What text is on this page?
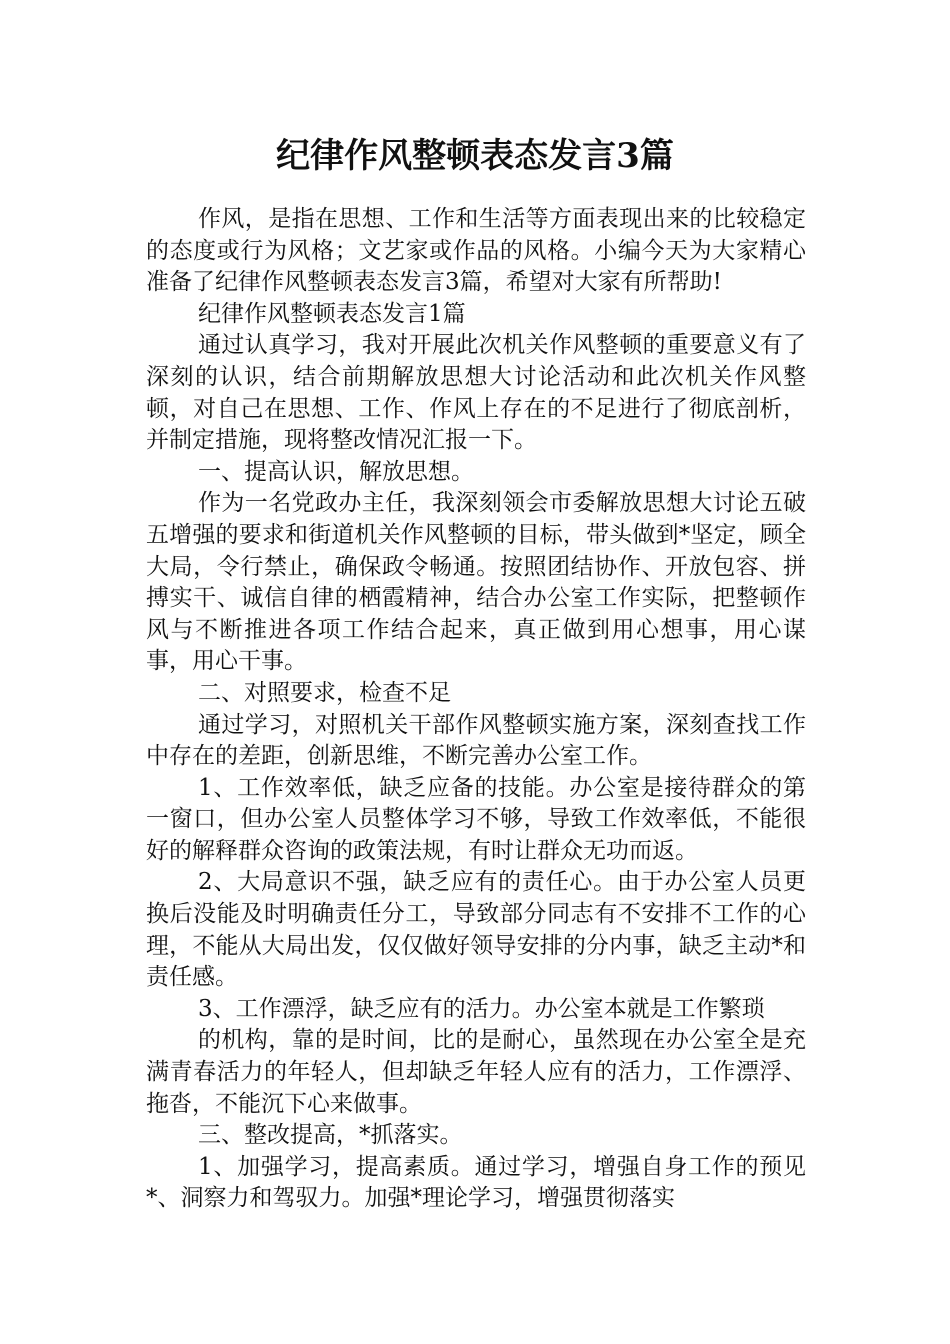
纪律作风整顿表态发言3篇

作风，是指在思想、工作和生活等方面表现出来的比较稳定的态度或行为风格；文艺家或作品的风格。小编今天为大家精心准备了纪律作风整顿表态发言3篇，希望对大家有所帮助!

纪律作风整顿表态发言1篇

通过认真学习，我对开展此次机关作风整顿的重要意义有了深刻的认识，结合前期解放思想大讨论活动和此次机关作风整顿，对自己在思想、工作、作风上存在的不足进行了彻底剖析，并制定措施，现将整改情况汇报一下。

一、提高认识，解放思想。

作为一名党政办主任，我深刻领会市委解放思想大讨论五破五增强的要求和街道机关作风整顿的目标，带头做到*坚定，顾全大局，令行禁止，确保政令畅通。按照团结协作、开放包容、拼搏实干、诚信自律的栖霞精神，结合办公室工作实际，把整顿作风与不断推进各项工作结合起来，真正做到用心想事，用心谋事，用心干事。

二、对照要求，检查不足

通过学习，对照机关干部作风整顿实施方案，深刻查找工作中存在的差距，创新思维，不断完善办公室工作。

1、工作效率低，缺乏应备的技能。办公室是接待群众的第一窗口，但办公室人员整体学习不够，导致工作效率低，不能很好的解释群众咨询的政策法规，有时让群众无功而返。

2、大局意识不强，缺乏应有的责任心。由于办公室人员更换后没能及时明确责任分工，导致部分同志有不安排不工作的心理，不能从大局出发，仅仅做好领导安排的分内事，缺乏主动*和责任感。

3、工作漂浮，缺乏应有的活力。办公室本就是工作繁琐

的机构，靠的是时间，比的是耐心，虽然现在办公室全是充满青春活力的年轻人，但却缺乏年轻人应有的活力，工作漂浮、拖沓，不能沉下心来做事。

三、整改提高，*抓落实。

1、加强学习，提高素质。通过学习，增强自身工作的预见*、洞察力和驾驭力。加强*理论学习，增强贯彻落实
